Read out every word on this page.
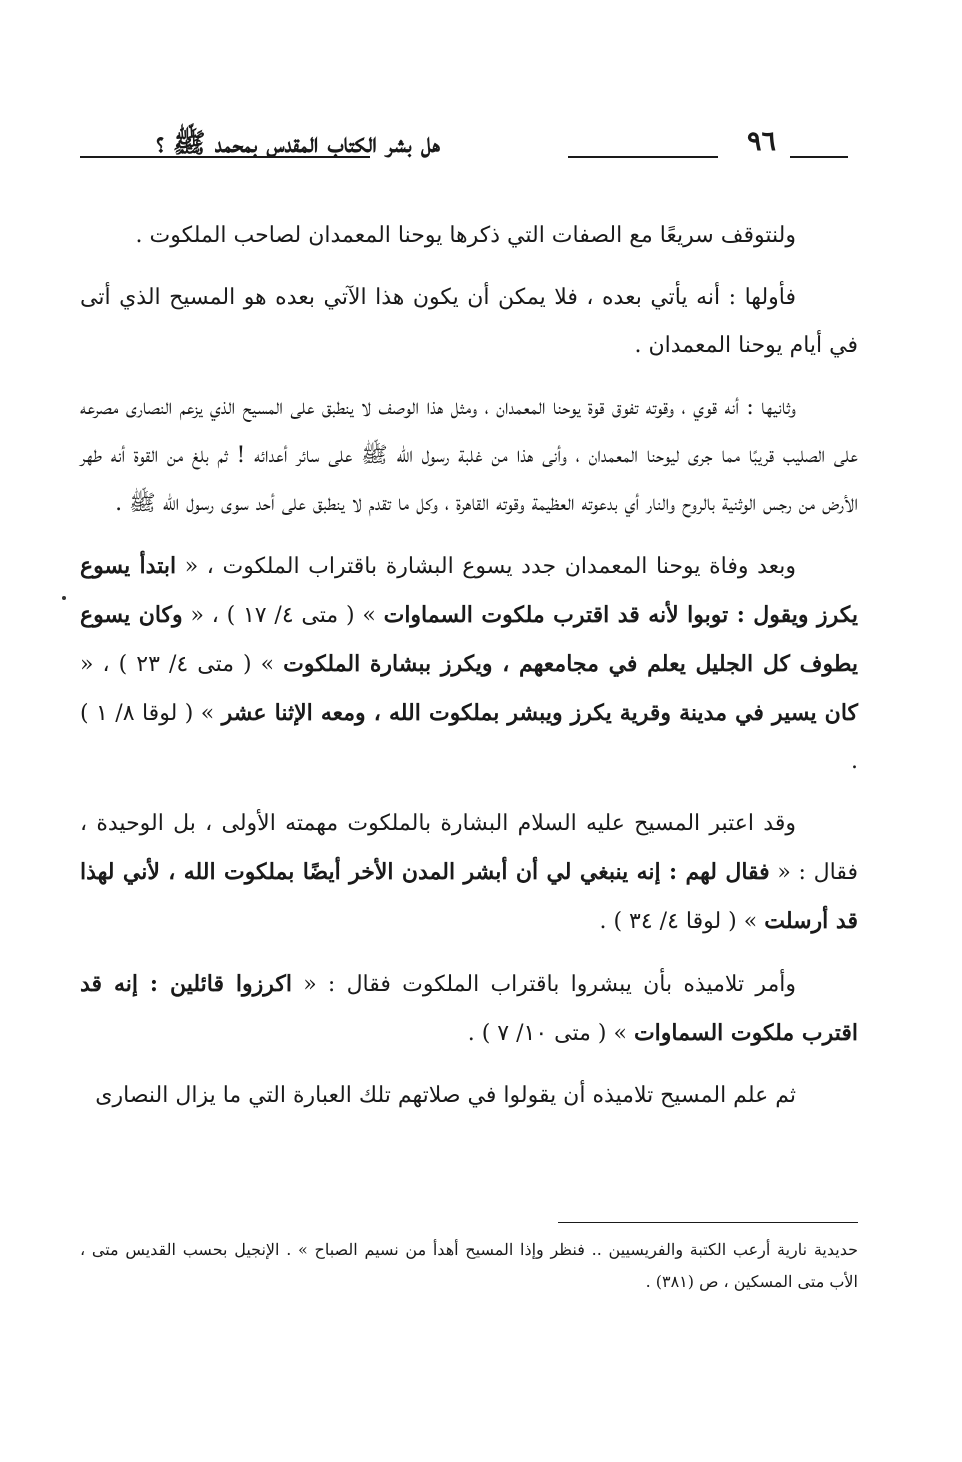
هل بشر الكتاب المقدس بمحمد ﷺ ؟	٩٦

ولنتوقف سريعًا مع الصفات التي ذكرها يوحنا المعمدان لصاحب الملكوت .

فأولها : أنه يأتي بعده ، فلا يمكن أن يكون هذا الآتي بعده هو المسيح الذي أتى في أيام يوحنا المعمدان .

وثانيها : أنه قوي ، وقوته تفوق قوة يوحنا المعمدان ، ومثل هذا الوصف لا ينطبق على المسيح الذي يزعم النصارى مصرعه على الصليب قريبًا مما جرى ليوحنا المعمدان ، وأنى هذا من غلبة رسول الله ﷺ على سائر أعدائه ! ثم بلغ من القوة أنه طهر الأرض من رجس الوثنية بالروح والنار أي بدعوته العظيمة وقوته القاهرة ، وكل ما تقدم لا ينطبق على أحد سوى رسول الله ﷺ .

وبعد وفاة يوحنا المعمدان جدد يسوع البشارة باقتراب الملكوت ، « ابتدأ يسوع يكرز ويقول : توبوا لأنه قد اقترب ملكوت السماوات » ( متى ٤/ ١٧ ) ، « وكان يسوع يطوف كل الجليل يعلم في مجامعهم ، ويكرز ببشارة الملكوت » ( متى ٤/ ٢٣ ) ، « كان يسير في مدينة وقرية يكرز ويبشر بملكوت الله ، ومعه الإثنا عشر » ( لوقا ٨/ ١ ) .

وقد اعتبر المسيح عليه السلام البشارة بالملكوت مهمته الأولى ، بل الوحيدة ، فقال : « فقال لهم : إنه ينبغي لي أن أبشر المدن الأخر أيضًا بملكوت الله ، لأني لهذا قد أرسلت » ( لوقا ٤/ ٣٤ ) .

وأمر تلاميذه بأن يبشروا باقتراب الملكوت فقال : « اكرزوا قائلين : إنه قد اقترب ملكوت السماوات » ( متى ١٠/ ٧ ) .

ثم علم المسيح تلاميذه أن يقولوا في صلاتهم تلك العبارة التي ما يزال النصارى

حديدية نارية أرعب الكتبة والفريسيين .. فنظر وإذا المسيح أهدأ من نسيم الصباح » . الإنجيل بحسب القديس متى ، الأب متى المسكين ، ص (٣٨١) .
